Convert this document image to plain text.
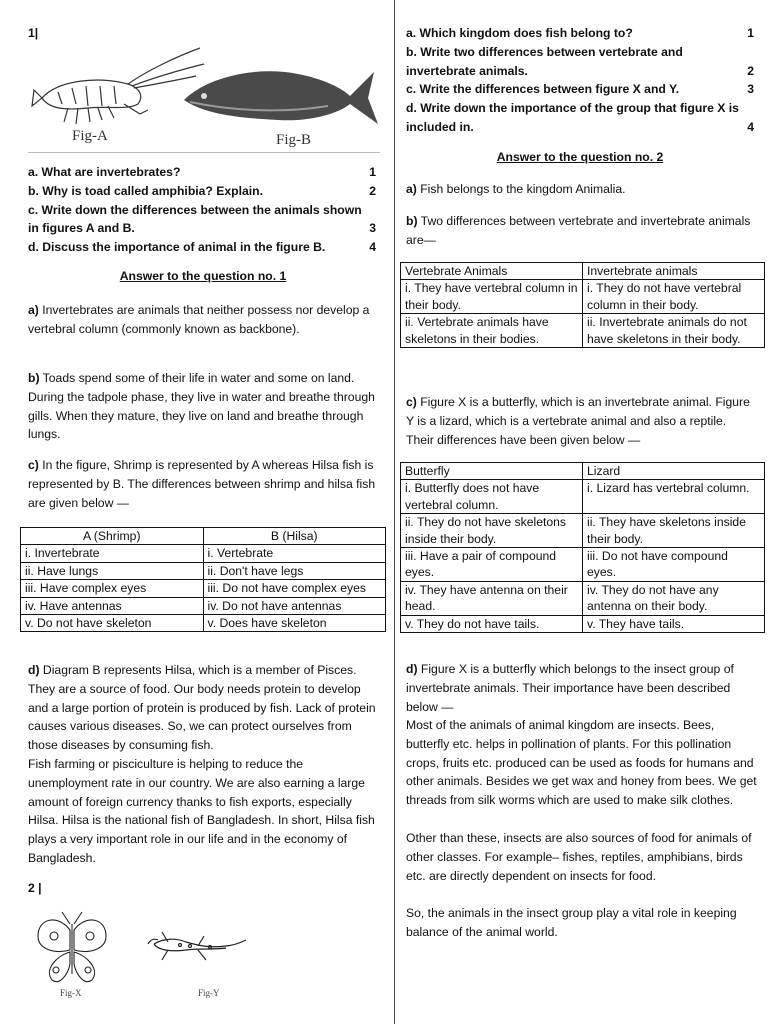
1|
Fig-A	Fig-B
a. What are invertebrates?	1
b. Why is toad called amphibia? Explain.	2
c. Write down the differences between the animals shown
in figures A and B.	3
d. Discuss the importance of animal in the figure B.	4
Answer to the question no. 1

a) Invertebrates are animals that neither possess nor develop a vertebral column (commonly known as backbone).

b) Toads spend some of their life in water and some on land. During the tadpole phase, they live in water and breathe through gills. When they mature, they live on land and breathe through lungs.

c) In the figure, Shrimp is represented by A whereas Hilsa fish is represented by B. The differences between shrimp and hilsa fish are given below —

A (Shrimp)	B (Hilsa)
i. Invertebrate	i. Vertebrate
ii. Have lungs	ii. Don't have legs
iii. Have complex eyes	iii. Do not have complex eyes
iv. Have antennas	iv. Do not have antennas
v. Do not have skeleton	v. Does have skeleton

d) Diagram B represents Hilsa, which is a member of Pisces. They are a source of food. Our body needs protein to develop and a large portion of protein is produced by fish. Lack of protein causes various diseases. So, we can protect ourselves from those diseases by consuming fish.

Fish farming or pisciculture is helping to reduce the unemployment rate in our country. We are also earning a large amount of foreign currency thanks to fish exports, especially Hilsa. Hilsa is the national fish of Bangladesh. In short, Hilsa fish plays a very important role in our life and in the economy of Bangladesh.

2 |
Fig-X	Fig-Y
a. Which kingdom does fish belong to?	1
b. Write two differences between vertebrate and
invertebrate animals.	2
c. Write the differences between figure X and Y.	3
d. Write down the importance of the group that figure X is
included in.	4
Answer to the question no. 2

a) Fish belongs to the kingdom Animalia.

b) Two differences between vertebrate and invertebrate animals are—

Vertebrate Animals	Invertebrate animals
i. They have vertebral column in their body.	i. They do not have vertebral column in their body.
ii. Vertebrate animals have skeletons in their bodies.	ii. Invertebrate animals do not have skeletons in their body.

c) Figure X is a butterfly, which is an invertebrate animal. Figure Y is a lizard, which is a vertebrate animal and also a reptile. Their differences have been given below —

Butterfly	Lizard
i. Butterfly does not have vertebral column.	i. Lizard has vertebral column.
ii. They do not have skeletons inside their body.	ii. They have skeletons inside their body.
iii. Have a pair of compound eyes.	iii. Do not have compound eyes.
iv. They have antenna on their head.	iv. They do not have any antenna on their body.
v. They do not have tails.	v. They have tails.

d) Figure X is a butterfly which belongs to the insect group of invertebrate animals. Their importance have been described below —

Most of the animals of animal kingdom are insects. Bees, butterfly etc. helps in pollination of plants. For this pollination crops, fruits etc. produced can be used as foods for humans and other animals. Besides we get wax and honey from bees. We get threads from silk worms which are used to make silk clothes.

Other than these, insects are also sources of food for animals of other classes. For example– fishes, reptiles, amphibians, birds etc. are directly dependent on insects for food.

So, the animals in the insect group play a vital role in keeping balance of the animal world.
